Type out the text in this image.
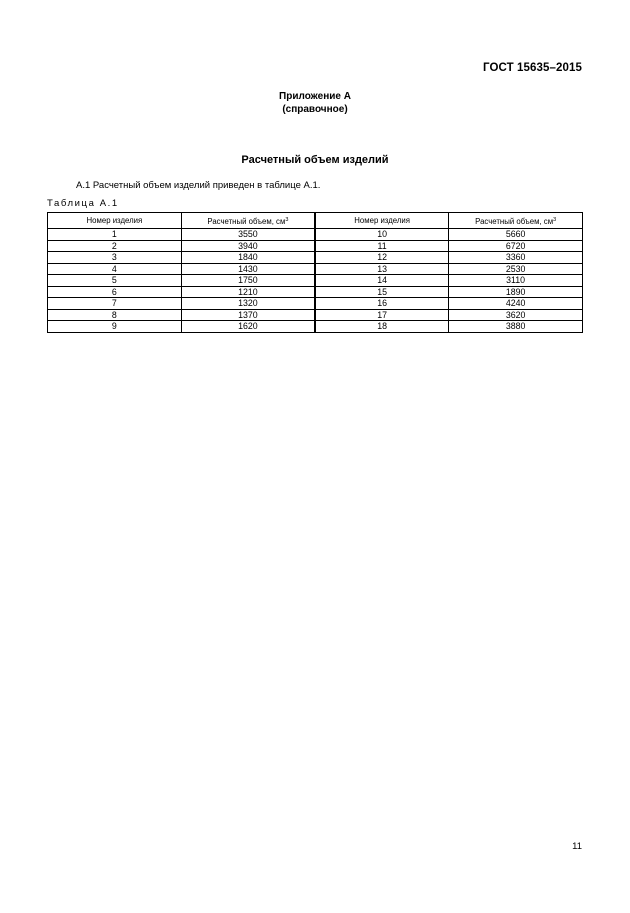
ГОСТ 15635–2015
Приложение А
(справочное)
Расчетный объем изделий
А.1 Расчетный объем изделий приведен в таблице А.1.
Таблица А.1
Номер изделия	Расчетный объем, $см^3$	Номер изделия	Расчетный объем, $см^3$
1	3550	10	5660
2	3940	11	6720
3	1840	12	3360
4	1430	13	2530
5	1750	14	3110
6	1210	15	1890
7	1320	16	4240
8	1370	17	3620
9	1620	18	3880
11
